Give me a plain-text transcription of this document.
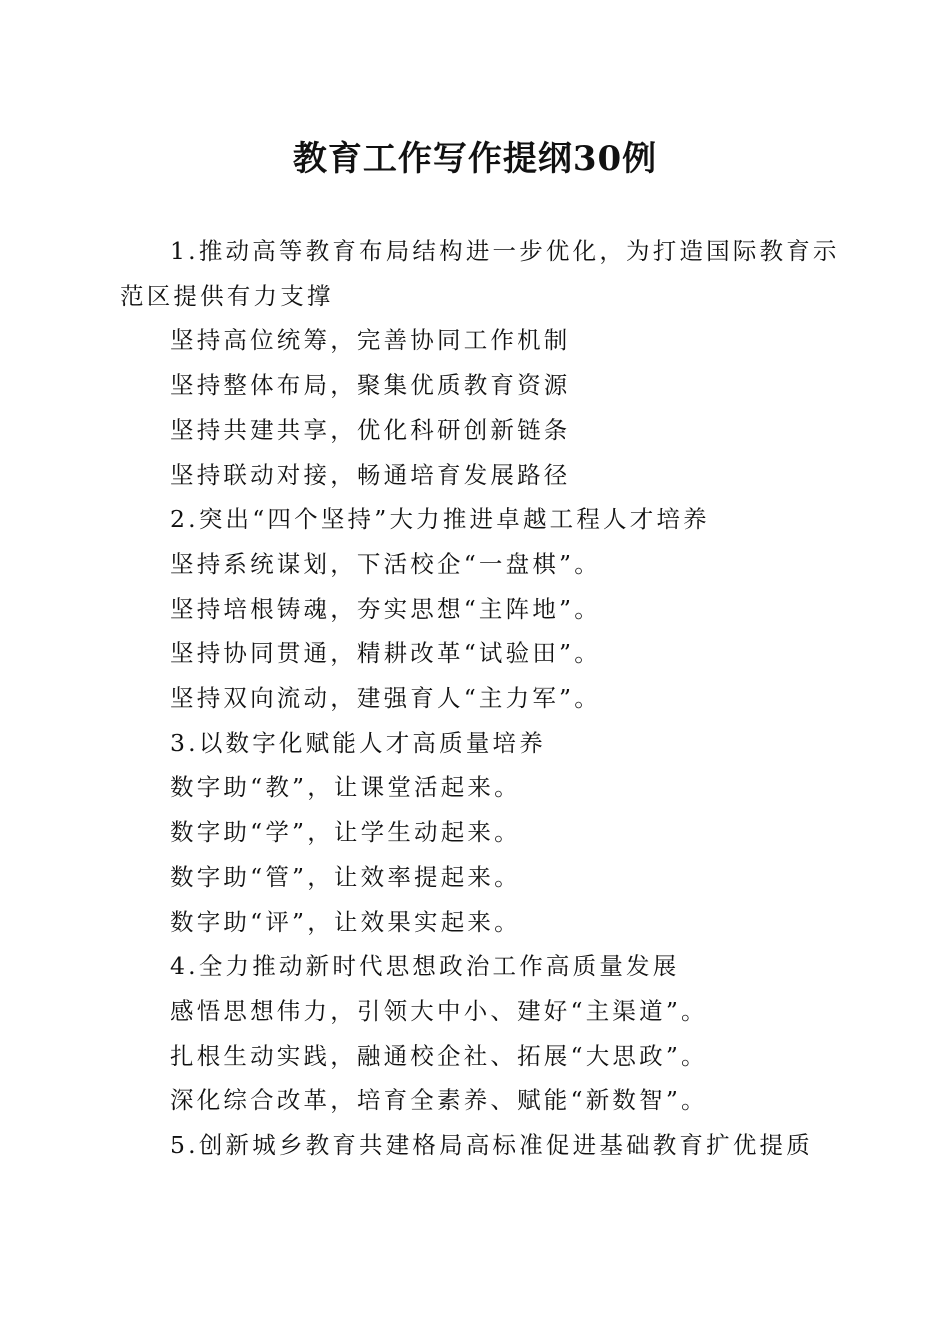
教育工作写作提纲30例

1.推动高等教育布局结构进一步优化，为打造国际教育示

范区提供有力支撑

坚持高位统筹，完善协同工作机制

坚持整体布局，聚集优质教育资源

坚持共建共享，优化科研创新链条

坚持联动对接，畅通培育发展路径

2.突出“四个坚持”大力推进卓越工程人才培养

坚持系统谋划，下活校企“一盘棋”。

坚持培根铸魂，夯实思想“主阵地”。

坚持协同贯通，精耕改革“试验田”。

坚持双向流动，建强育人“主力军”。

3.以数字化赋能人才高质量培养

数字助“教”，让课堂活起来。

数字助“学”，让学生动起来。

数字助“管”，让效率提起来。

数字助“评”，让效果实起来。

4.全力推动新时代思想政治工作高质量发展

感悟思想伟力，引领大中小、建好“主渠道”。

扎根生动实践，融通校企社、拓展“大思政”。

深化综合改革，培育全素养、赋能“新数智”。

5.创新城乡教育共建格局高标准促进基础教育扩优提质
